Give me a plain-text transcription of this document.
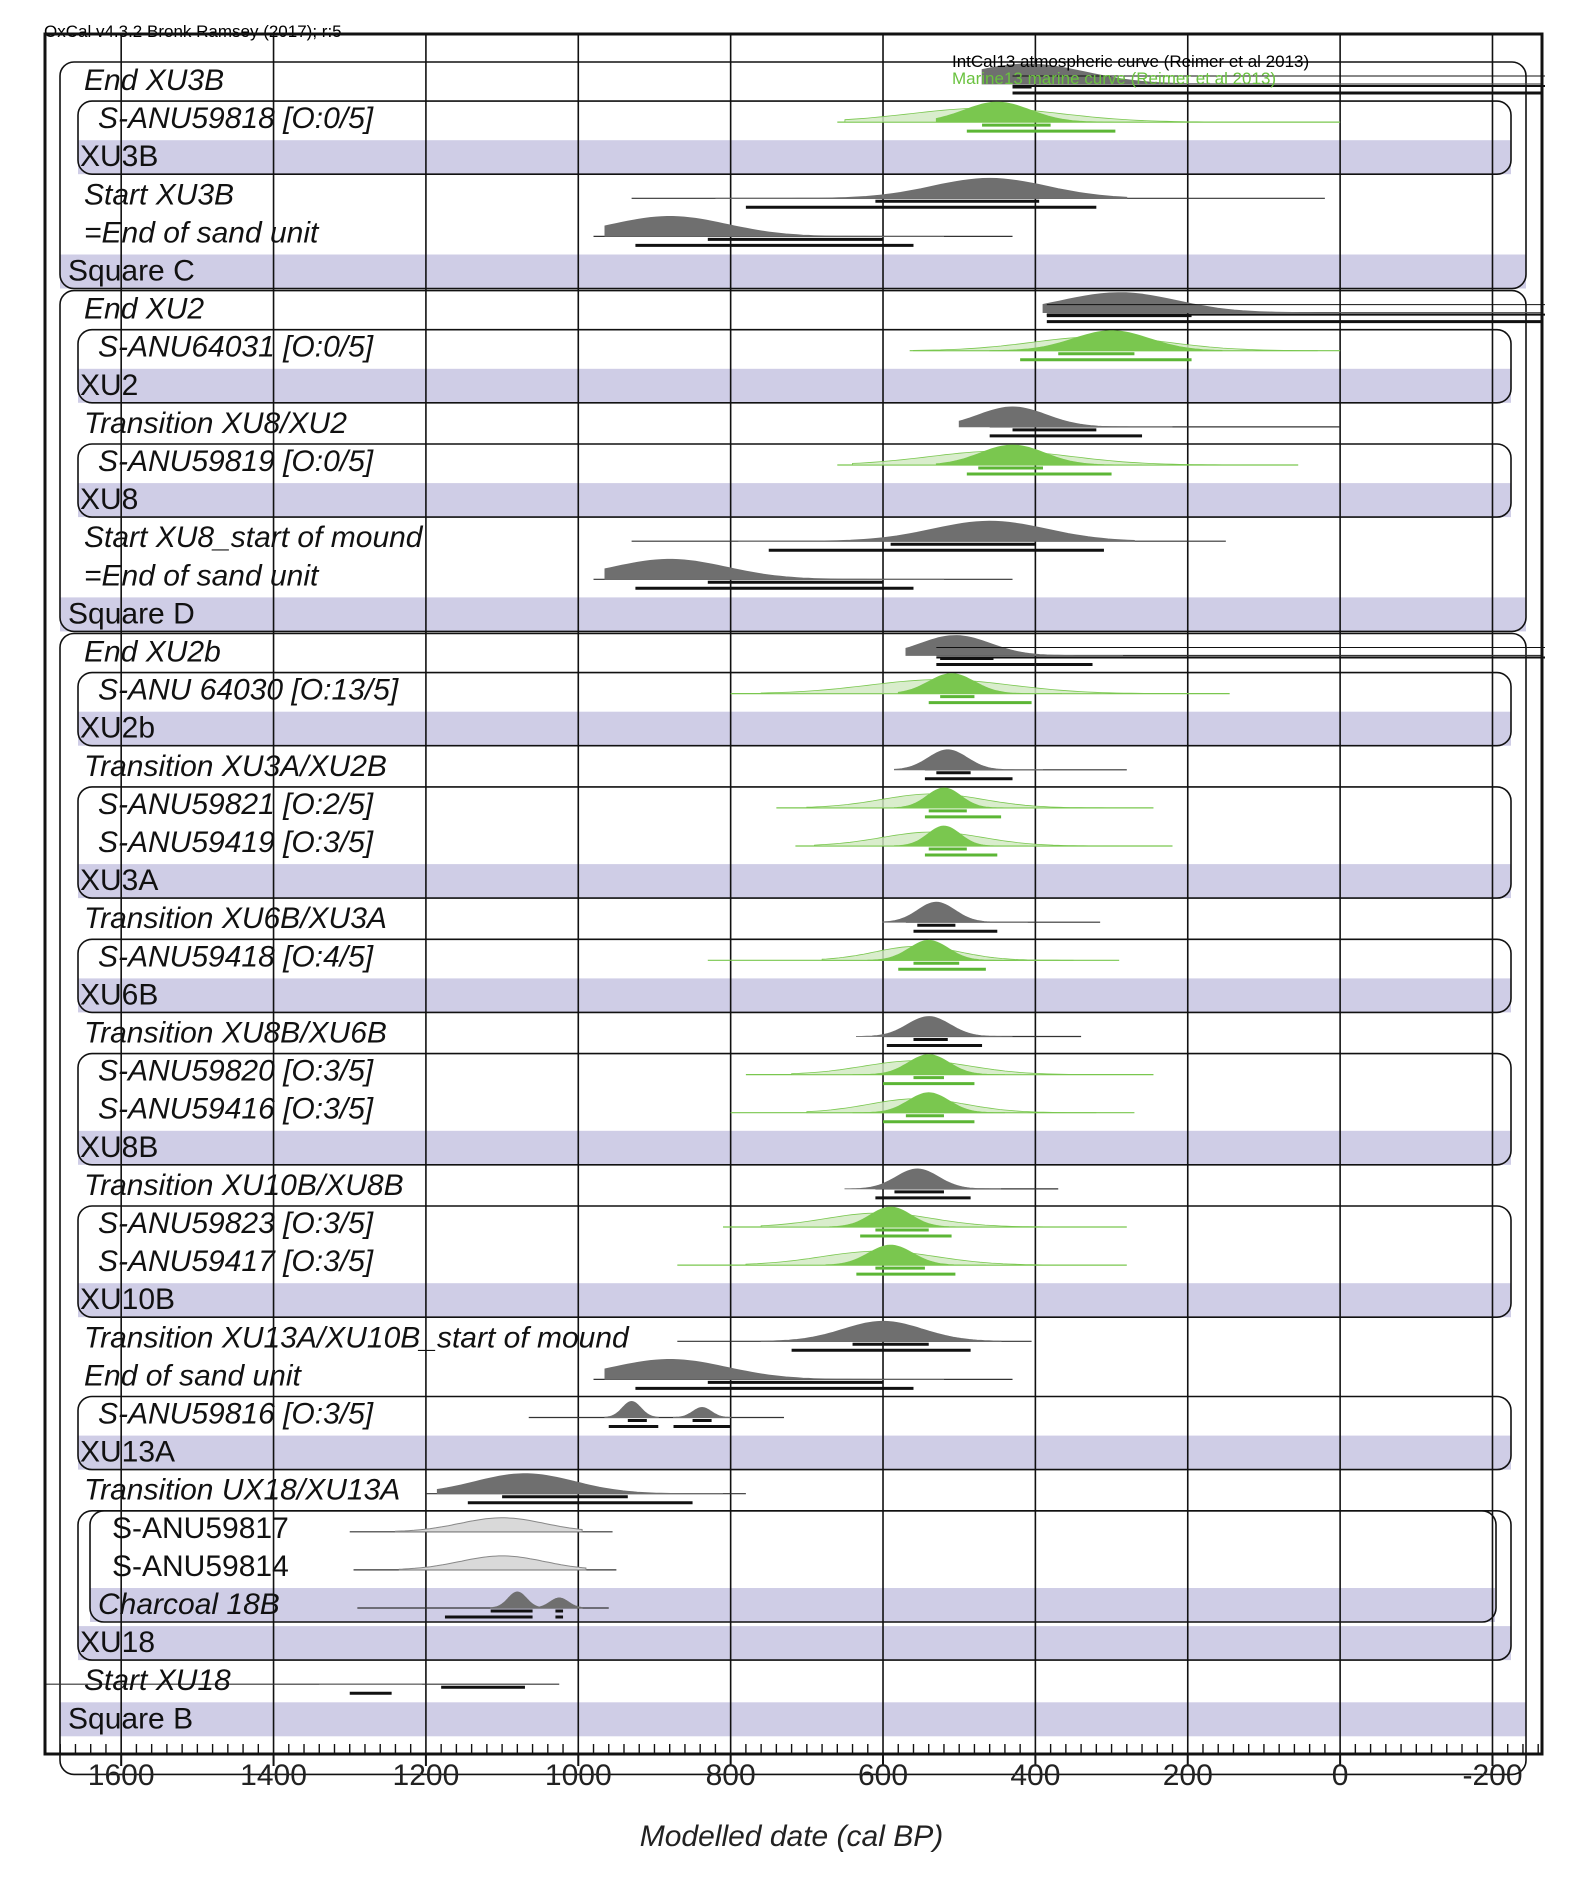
OxCal v4.3.2 Bronk Ramsey (2017); r:5
End XU3B
S-ANU59818 [O:0/5]
XU3B
Start XU3B
=End of sand unit
Square C
End XU2
S-ANU64031 [O:0/5]
XU2
Transition XU8/XU2
S-ANU59819 [O:0/5]
XU8
Start XU8_start of mound
=End of sand unit
Square D
End XU2b
S-ANU 64030 [O:13/5]
XU2b
Transition XU3A/XU2B
S-ANU59821 [O:2/5]
S-ANU59419 [O:3/5]
XU3A
Transition XU6B/XU3A
S-ANU59418 [O:4/5]
XU6B
Transition XU8B/XU6B
S-ANU59820 [O:3/5]
S-ANU59416 [O:3/5]
XU8B
Transition XU10B/XU8B
S-ANU59823 [O:3/5]
S-ANU59417 [O:3/5]
XU10B
Transition XU13A/XU10B_start of mound
End of sand unit
S-ANU59816 [O:3/5]
XU13A
Transition UX18/XU13A
S-ANU59817
S-ANU59814
Charcoal 18B
XU18
Start XU18
Square B
IntCal13 atmospheric curve (Reimer et al 2013)
Marine13 marine curve (Reimer et al 2013)
1600	1400	1200	1000	800	600	400	200	0	-200
Modelled date (cal BP)
